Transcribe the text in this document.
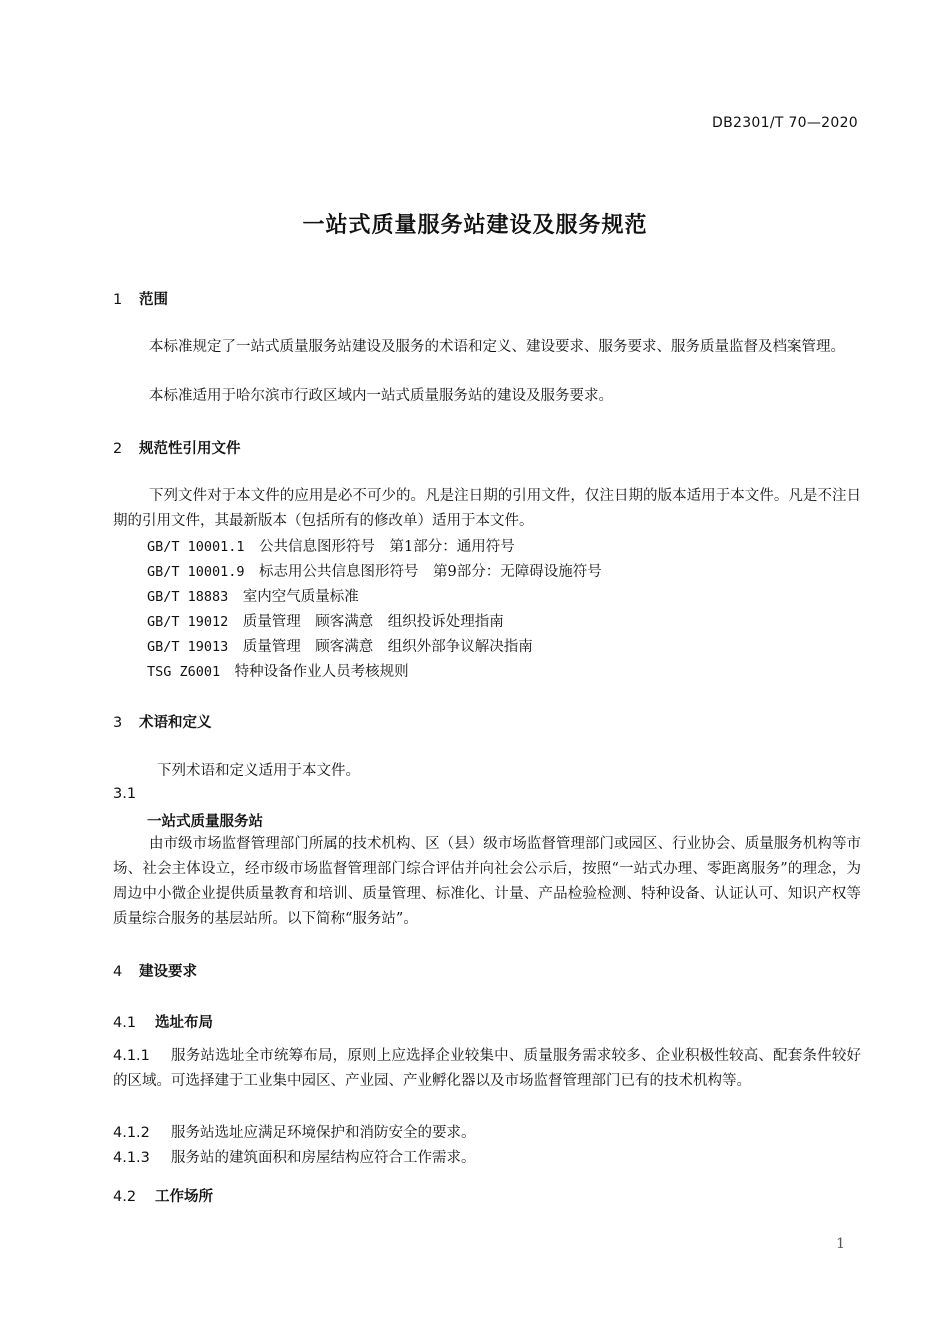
DB2301/T 70—2020
一站式质量服务站建设及服务规范
1 范围
本标准规定了一站式质量服务站建设及服务的术语和定义、建设要求、服务要求、服务质量监督及档案管理。
本标准适用于哈尔滨市行政区域内一站式质量服务站的建设及服务要求。
2 规范性引用文件
下列文件对于本文件的应用是必不可少的。凡是注日期的引用文件，仅注日期的版本适用于本文件。凡是不注日期的引用文件，其最新版本（包括所有的修改单）适用于本文件。
GB/T 10001.1　 公共信息图形符号　第1部分：通用符号
GB/T 10001.9　 标志用公共信息图形符号　第9部分：无障碍设施符号
GB/T 18883　 室内空气质量标准
GB/T 19012　 质量管理　顾客满意　组织投诉处理指南
GB/T 19013　 质量管理　顾客满意　组织外部争议解决指南
TSG Z6001　 特种设备作业人员考核规则
3 术语和定义
下列术语和定义适用于本文件。
3.1
一站式质量服务站
由市级市场监督管理部门所属的技术机构、区（县）级市场监督管理部门或园区、行业协会、质量服务机构等市场、社会主体设立，经市级市场监督管理部门综合评估并向社会公示后，按照“一站式办理、零距离服务”的理念，为周边中小微企业提供质量教育和培训、质量管理、标准化、计量、产品检验检测、特种设备、认证认可、知识产权等质量综合服务的基层站所。以下简称“服务站”。
4 建设要求
4.1 选址布局
4.1.1 服务站选址全市统筹布局，原则上应选择企业较集中、质量服务需求较多、企业积极性较高、配套条件较好的区域。可选择建于工业集中园区、产业园、产业孵化器以及市场监督管理部门已有的技术机构等。
4.1.2 服务站选址应满足环境保护和消防安全的要求。
4.1.3 服务站的建筑面积和房屋结构应符合工作需求。
4.2 工作场所
1
